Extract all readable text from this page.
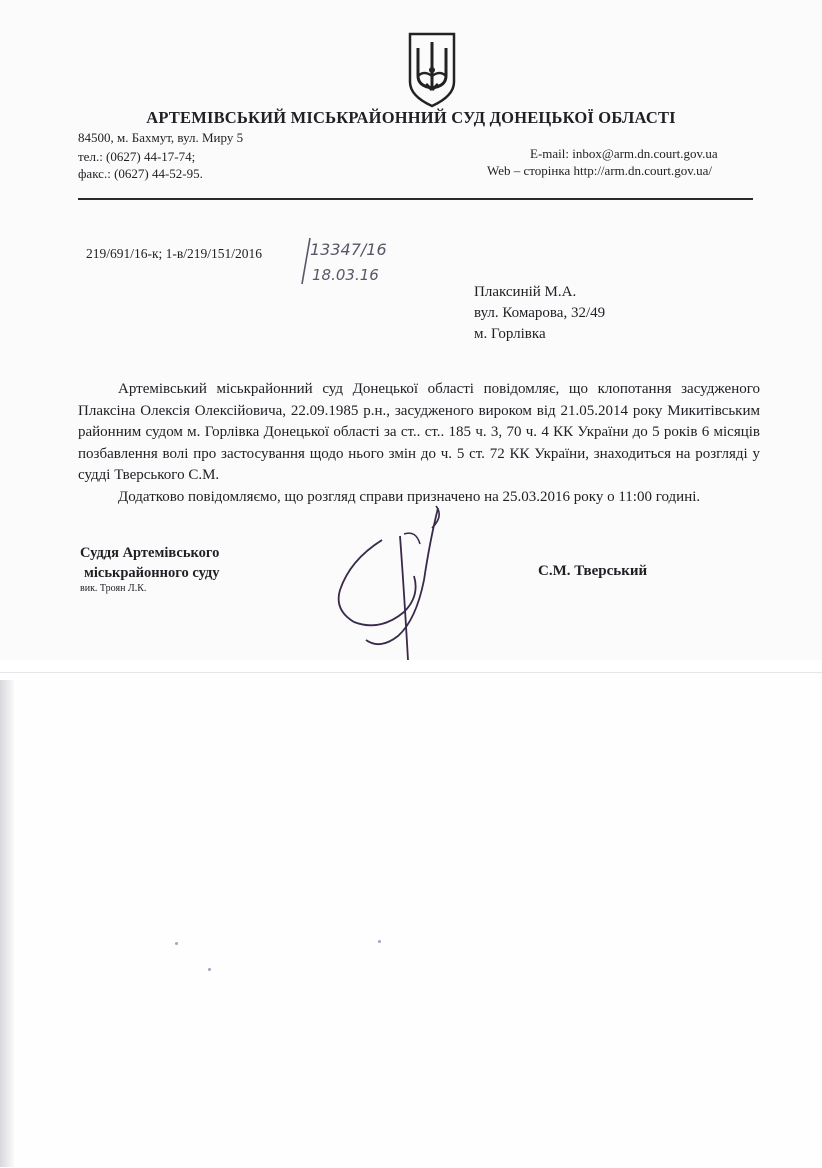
АРТЕМІВСЬКИЙ МІСЬКРАЙОННИЙ СУД ДОНЕЦЬКОЇ ОБЛАСТІ
84500, м. Бахмут, вул. Миру 5
тел.: (0627) 44-17-74;
факс.: (0627) 44-52-95.
E-mail: inbox@arm.dn.court.gov.ua
Web – сторінка http://arm.dn.court.gov.ua/
219/691/16-к; 1-в/219/151/2016	13347/16
18.03.16
Плаксиній М.А.
вул. Комарова, 32/49
м. Горлівка

Артемівський міськрайонний суд Донецької області повідомляє, що клопотання засудженого Плаксіна Олексія Олексійовича, 22.09.1985 р.н., засудженого вироком від 21.05.2014 року Микитівським районним судом м. Горлівка Донецької області за ст.. ст.. 185 ч. 3, 70 ч. 4 КК України до 5 років 6 місяців позбавлення волі про застосування щодо нього змін до ч. 5 ст. 72 КК України, знаходиться на розгляді у судді Тверського С.М.

Додатково повідомляємо, що розгляд справи призначено на 25.03.2016 року о 11:00 годині.

Суддя Артемівського
міськрайонного суду
вик. Троян Л.К.
С.М. Тверський
